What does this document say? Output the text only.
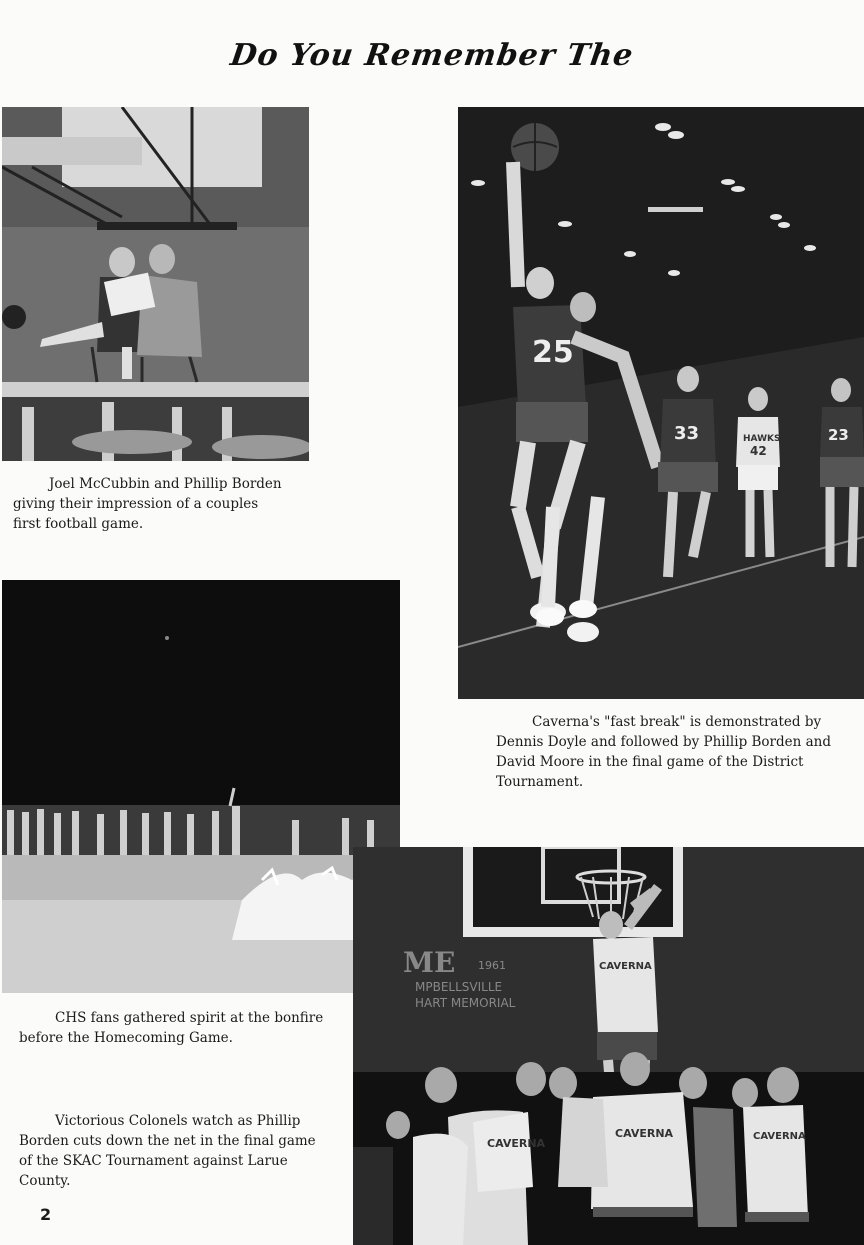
Do You Remember The

Joel McCubbin and Phillip Borden giving their impression of a couples first football game.

25
33	HAWKS
42
23

Caverna's "fast break" is demonstrated by Dennis Doyle and followed by Phillip Borden and David Moore in the final game of the District Tournament.

CHS fans gathered spirit at the bonfire before the Homecoming Game.

ME 1961
MPBELLSVILLE
HART MEMORIAL
CAVERNA
CAVERNA
CAVERNA	CAVERNA

Victorious Colonels watch as Phillip Borden cuts down the net in the final game of the SKAC Tournament against Larue County.

2
